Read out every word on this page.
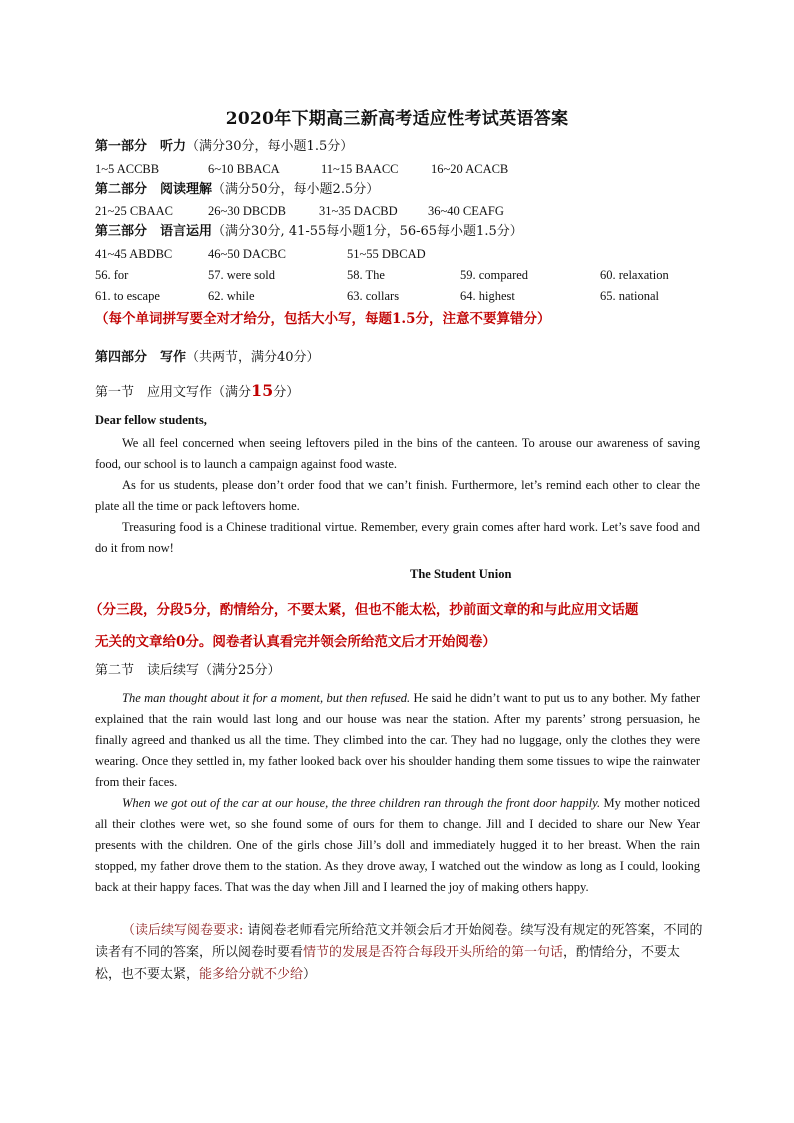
2020年下期高三新高考适应性考试英语答案
第一部分　听力（满分30分，每小题1.5分）
1~5 ACCBB	6~10 BBACA	11~15 BAACC	16~20 ACACB
第二部分　阅读理解（满分50分，每小题2.5分）
21~25 CBAAC	26~30 DBCDB	31~35 DACBD 36~40 CEAFG
第三部分　语言运用（满分30分, 41-55每小题1分，56-65每小题1.5分）
41~45 ABDBC	46~50 DACBC	51~55 DBCAD
56. for	57. were sold	58. The	59. compared	60. relaxation
61. to escape	62. while	63. collars	64. highest	65. national
（每个单词拼写要全对才给分，包括大小写，每题1.5分，注意不要算错分）
第四部分　写作（共两节，满分40分）
第一节　应用文写作（满分15分）
Dear fellow students,

We all feel concerned when seeing leftovers piled in the bins of the canteen. To arouse our awareness of saving food, our school is to launch a campaign against food waste.

As for us students, please don’t order food that we can’t finish. Furthermore, let’s remind each other to clear the plate all the time or pack leftovers home.

Treasuring food is a Chinese traditional virtue. Remember, every grain comes after hard work. Let’s save food and do it from now!

The Student Union
（分三段，分段5分，酌情给分，不要太紧，但也不能太松，抄前面文章的和与此应用文话题
无关的文章给0分。阅卷者认真看完并领会所给范文后才开始阅卷）
第二节　读后续写（满分25分）

The man thought about it for a moment, but then refused. He said he didn’t want to put us to any bother. My father explained that the rain would last long and our house was near the station. After my parents’ strong persuasion, he finally agreed and thanked us all the time. They climbed into the car. They had no luggage, only the clothes they were wearing. Once they settled in, my father looked back over his shoulder handing them some tissues to wipe the rainwater from their faces.

When we got out of the car at our house, the three children ran through the front door happily. My mother noticed all their clothes were wet, so she found some of ours for them to change. Jill and I decided to share our New Year presents with the children. One of the girls chose Jill’s doll and immediately hugged it to her breast. When the rain stopped, my father drove them to the station. As they drove away, I watched out the window as long as I could, looking back at their happy faces. That was the day when Jill and I learned the joy of making others happy.

（读后续写阅卷要求: 请阅卷老师看完所给范文并领会后才开始阅卷。续写没有规定的死答案，不同的读者有不同的答案，所以阅卷时要看情节的发展是否符合每段开头所给的第一句话，酌情给分，不要太松，也不要太紧，能多给分就不少给）
